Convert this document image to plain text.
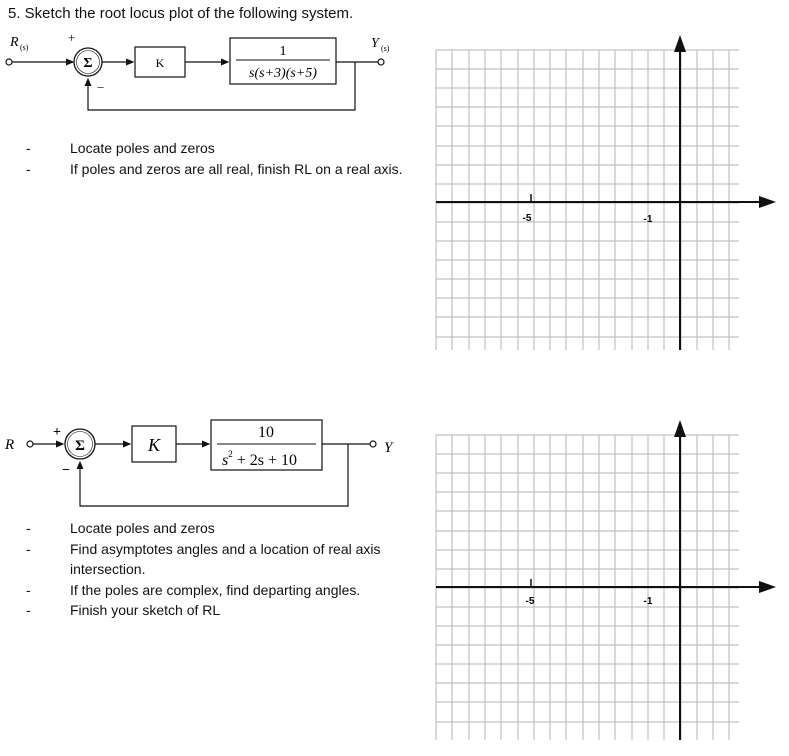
5. Sketch the root locus plot of the following system.
R (s)
+
Σ
−
K
1
s(s+3)(s+5)
Y (s)
- Locate poles and zeros
- If poles and zeros are all real, finish RL on a real axis.
R
+
Σ
−
K
10
$s^2 + 2s + 10$
Y
- Locate poles and zeros
- Find asymptotes angles and a location of real axis intersection.
- If the poles are complex, find departing angles.
- Finish your sketch of RL
-5	-1
-5	-1
